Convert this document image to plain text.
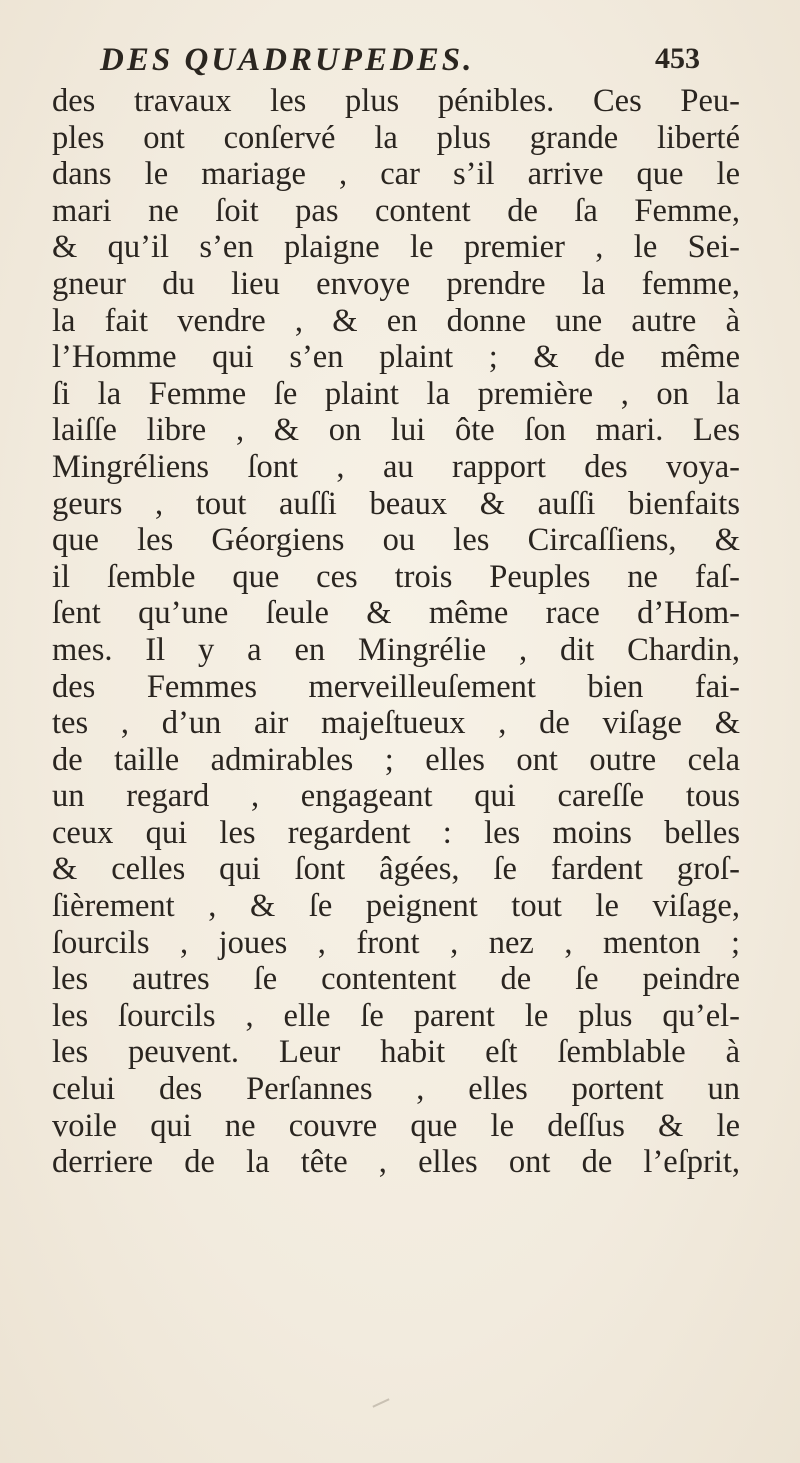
DES QUADRUPEDES.	453
des travaux les plus pénibles. Ces Peu-
ples ont conſervé la plus grande liberté
dans le mariage , car s’il arrive que le
mari ne ſoit pas content de ſa Femme,
& qu’il s’en plaigne le premier , le Sei-
gneur du lieu envoye prendre la femme,
la fait vendre , & en donne une autre à
l’Homme qui s’en plaint ; & de même
ſi la Femme ſe plaint la première , on la
laiſſe libre , & on lui ôte ſon mari. Les
Mingréliens ſont , au rapport des voya-
geurs , tout auſſi beaux & auſſi bienfaits
que les Géorgiens ou les Circaſſiens, &
il ſemble que ces trois Peuples ne faſ-
ſent qu’une ſeule & même race d’Hom-
mes. Il y a en Mingrélie , dit Chardin,
des Femmes merveilleuſement bien fai-
tes , d’un air majeſtueux , de viſage &
de taille admirables ; elles ont outre cela
un regard , engageant qui careſſe tous
ceux qui les regardent : les moins belles
& celles qui ſont âgées, ſe fardent groſ-
ſièrement , & ſe peignent tout le viſage,
ſourcils , joues , front , nez , menton ;
les autres ſe contentent de ſe peindre
les ſourcils , elle ſe parent le plus qu’el-
les peuvent. Leur habit eſt ſemblable à
celui des Perſannes , elles portent un
voile qui ne couvre que le deſſus & le
derriere de la tête , elles ont de l’eſprit,
